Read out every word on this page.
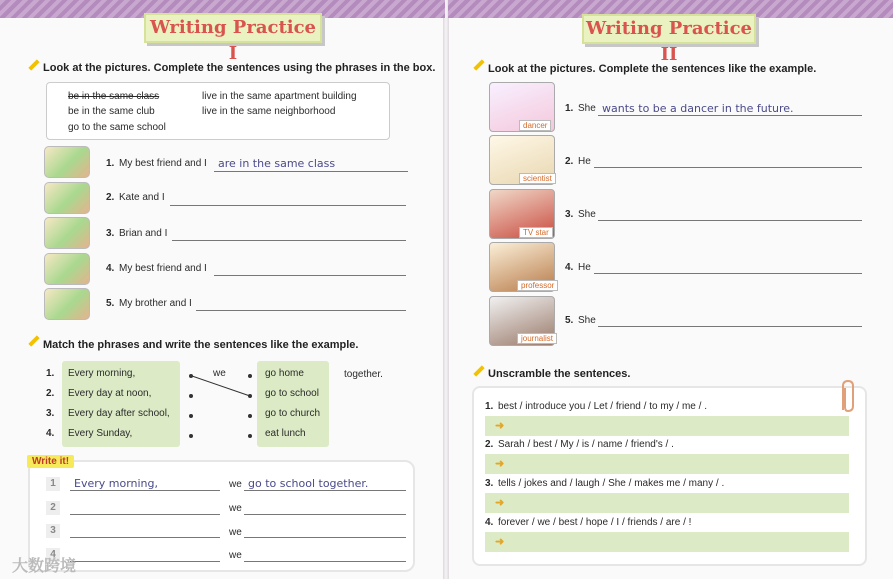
Writing Practice I
Look at the pictures. Complete the sentences using the phrases in the box.
be in the same class
be in the same club
go to the same school
live in the same apartment building
live in the same neighborhood
1. My best friend and I are in the same class
2. Kate and I
3. Brian and I
4. My best friend and I
5. My brother and I
Match the phrases and write the sentences like the example.
1. Every morning,
2. Every day at noon,
3. Every day after school,
4. Every Sunday,
we	go home
go to school
go to church
eat lunch
together.
Write it!
1	Every morning,	we go to school together.
2	we
3	we
4	we
大数跨境
Writing Practice II
Look at the pictures. Complete the sentences like the example.
dancer
1. She wants to be a dancer in the future.
scientist
2. He
TV star
3. She
professor
4. He
journalist
5. She
Unscramble the sentences.
1. best / introduce you / Let / friend / to my / me / .
➜
2. Sarah / best / My / is / name / friend's / .
➜
3. tells / jokes and / laugh / She / makes me / many / .
➜
4. forever / we / best / hope / I / friends / are / !
➜
